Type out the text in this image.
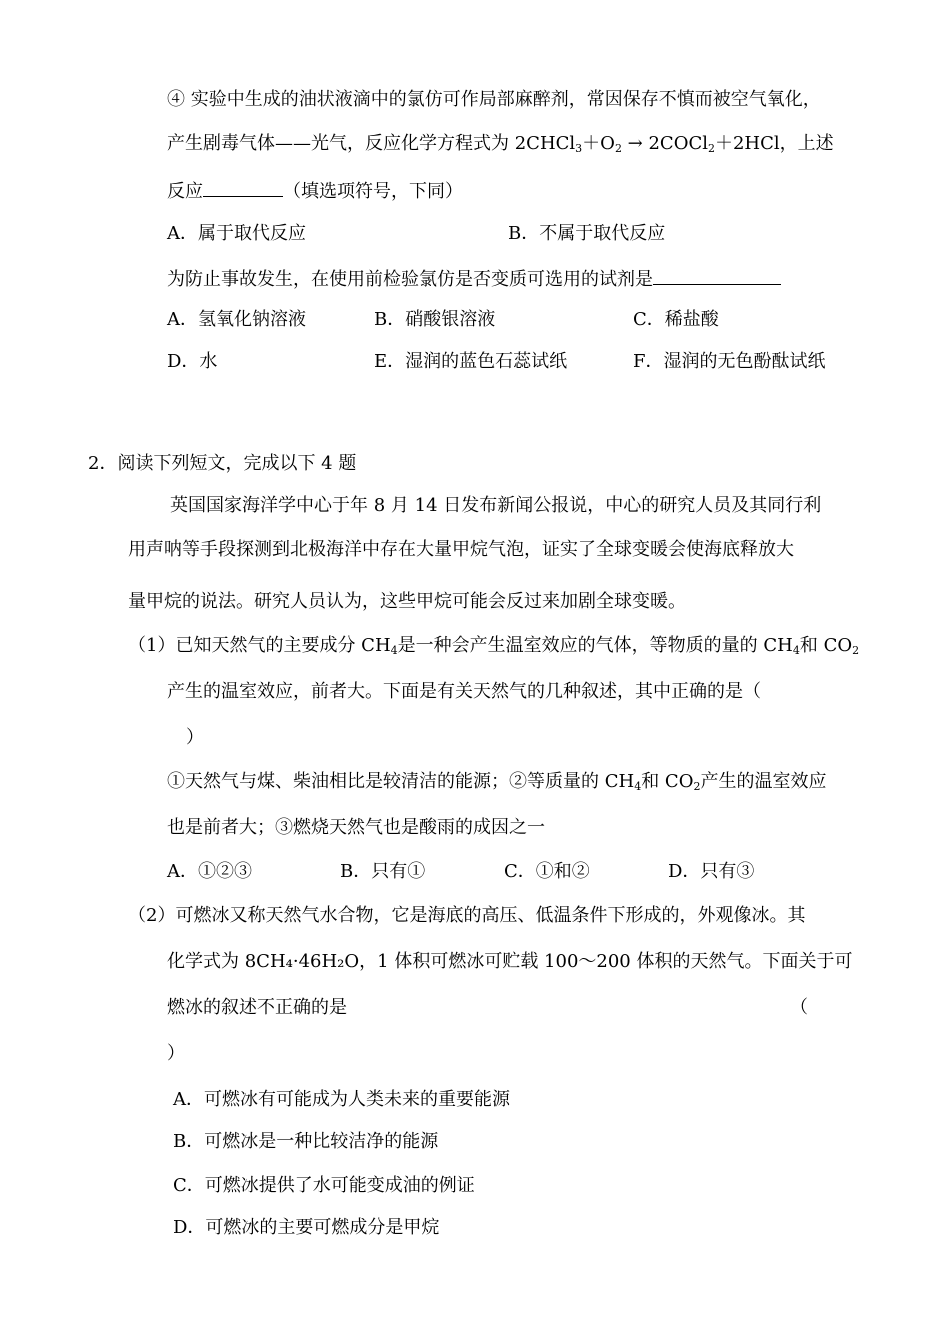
④ 实验中生成的油状液滴中的氯仿可作局部麻醉剂，常因保存不慎而被空气氧化，
产生剧毒气体——光气，反应化学方程式为 $2CHCl_3+O_2$ → 2COCl$_2$＋2HCl，上述
反应	（填选项符号，下同）
A．属于取代反应	B．不属于取代反应
为防止事故发生，在使用前检验氯仿是否变质可选用的试剂是
A．氢氧化钠溶液	B．硝酸银溶液	C．稀盐酸
D．水	E．湿润的蓝色石蕊试纸	F．湿润的无色酚酞试纸
2．阅读下列短文，完成以下 4 题
英国国家海洋学中心于年 8 月 14 日发布新闻公报说，中心的研究人员及其同行利
用声呐等手段探测到北极海洋中存在大量甲烷气泡，证实了全球变暖会使海底释放大
量甲烷的说法。研究人员认为，这些甲烷可能会反过来加剧全球变暖。
（1）已知天然气的主要成分 $CH_4$是一种会产生温室效应的气体，等物质的量的 $CH_4$和 $CO_2$
产生的温室效应，前者大。下面是有关天然气的几种叙述，其中正确的是（
）
①天然气与煤、柴油相比是较清洁的能源；②等质量的 $CH_4$和 $CO_2$产生的温室效应
也是前者大；③燃烧天然气也是酸雨的成因之一
A．①②③	B．只有①	C．①和②	D．只有③
（2）可燃冰又称天然气水合物，它是海底的高压、低温条件下形成的，外观像冰。其
化学式为 8CH₄·46H₂O，1 体积可燃冰可贮载 100～200 体积的天然气。下面关于可
燃冰的叙述不正确的是	（
）
A．可燃冰有可能成为人类未来的重要能源
B．可燃冰是一种比较洁净的能源
C．可燃冰提供了水可能变成油的例证
D．可燃冰的主要可燃成分是甲烷
